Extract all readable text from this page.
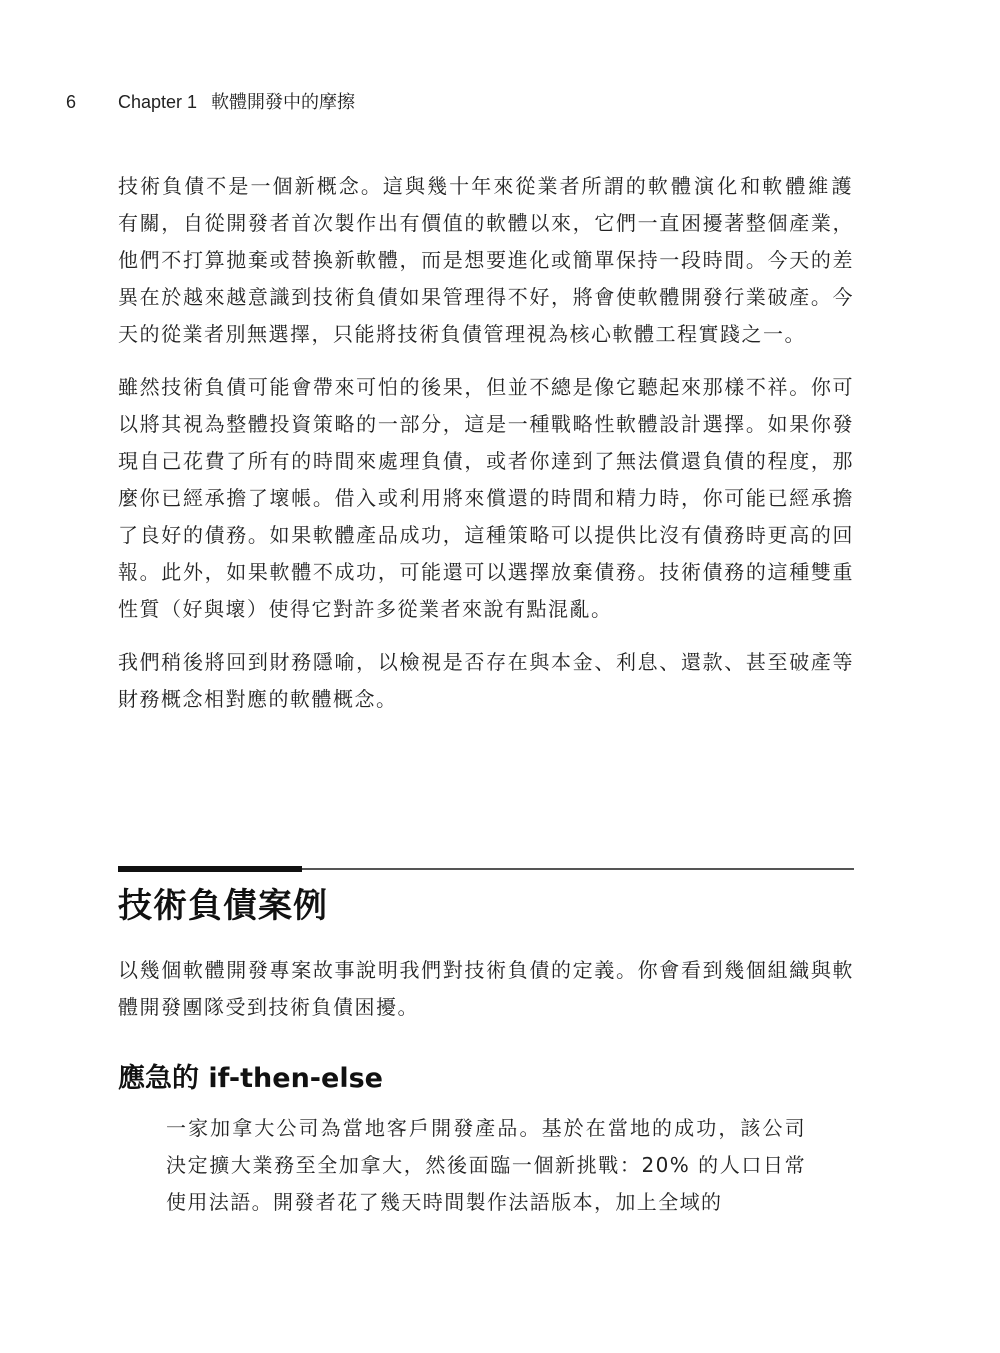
6 Chapter 1 軟體開發中的摩擦

技術負債不是一個新概念。這與幾十年來從業者所謂的軟體演化和軟體維護有關，自從開發者首次製作出有價值的軟體以來，它們一直困擾著整個產業，他們不打算拋棄或替換新軟體，而是想要進化或簡單保持一段時間。今天的差異在於越來越意識到技術負債如果管理得不好，將會使軟體開發行業破產。今天的從業者別無選擇，只能將技術負債管理視為核心軟體工程實踐之一。

雖然技術負債可能會帶來可怕的後果，但並不總是像它聽起來那樣不祥。你可以將其視為整體投資策略的一部分，這是一種戰略性軟體設計選擇。如果你發現自己花費了所有的時間來處理負債，或者你達到了無法償還負債的程度，那麼你已經承擔了壞帳。借入或利用將來償還的時間和精力時，你可能已經承擔了良好的債務。如果軟體產品成功，這種策略可以提供比沒有債務時更高的回報。此外，如果軟體不成功，可能還可以選擇放棄債務。技術債務的這種雙重性質（好與壞）使得它對許多從業者來說有點混亂。

我們稍後將回到財務隱喻，以檢視是否存在與本金、利息、還款、甚至破產等財務概念相對應的軟體概念。

技術負債案例

以幾個軟體開發專案故事說明我們對技術負債的定義。你會看到幾個組織與軟體開發團隊受到技術負債困擾。

應急的 if-then-else

一家加拿大公司為當地客戶開發產品。基於在當地的成功，該公司決定擴大業務至全加拿大，然後面臨一個新挑戰：20% 的人口日常使用法語。開發者花了幾天時間製作法語版本，加上全域的
